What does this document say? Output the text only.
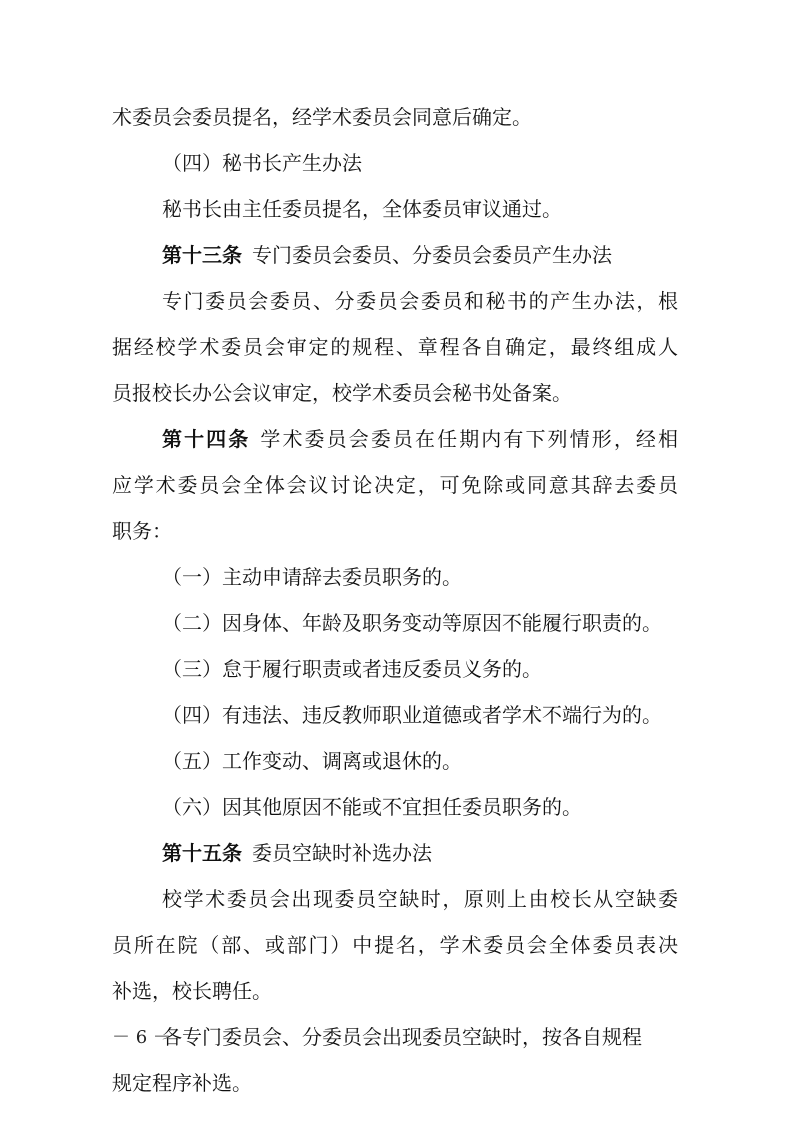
术委员会委员提名，经学术委员会同意后确定。
（四）秘书长产生办法
秘书长由主任委员提名，全体委员审议通过。
第十三条 专门委员会委员、分委员会委员产生办法
专门委员会委员、分委员会委员和秘书的产生办法，根
据经校学术委员会审定的规程、章程各自确定，最终组成人
员报校长办公会议审定，校学术委员会秘书处备案。
第十四条 学术委员会委员在任期内有下列情形，经相
应学术委员会全体会议讨论决定，可免除或同意其辞去委员
职务：
（一）主动申请辞去委员职务的。
（二）因身体、年龄及职务变动等原因不能履行职责的。
（三）怠于履行职责或者违反委员义务的。
（四）有违法、违反教师职业道德或者学术不端行为的。
（五）工作变动、调离或退休的。
（六）因其他原因不能或不宜担任委员职务的。
第十五条 委员空缺时补选办法
校学术委员会出现委员空缺时，原则上由校长从空缺委
员所在院（部、或部门）中提名，学术委员会全体委员表决
补选，校长聘任。
各专门委员会、分委员会出现委员空缺时，按各自规程
规定程序补选。
－ 6 －
